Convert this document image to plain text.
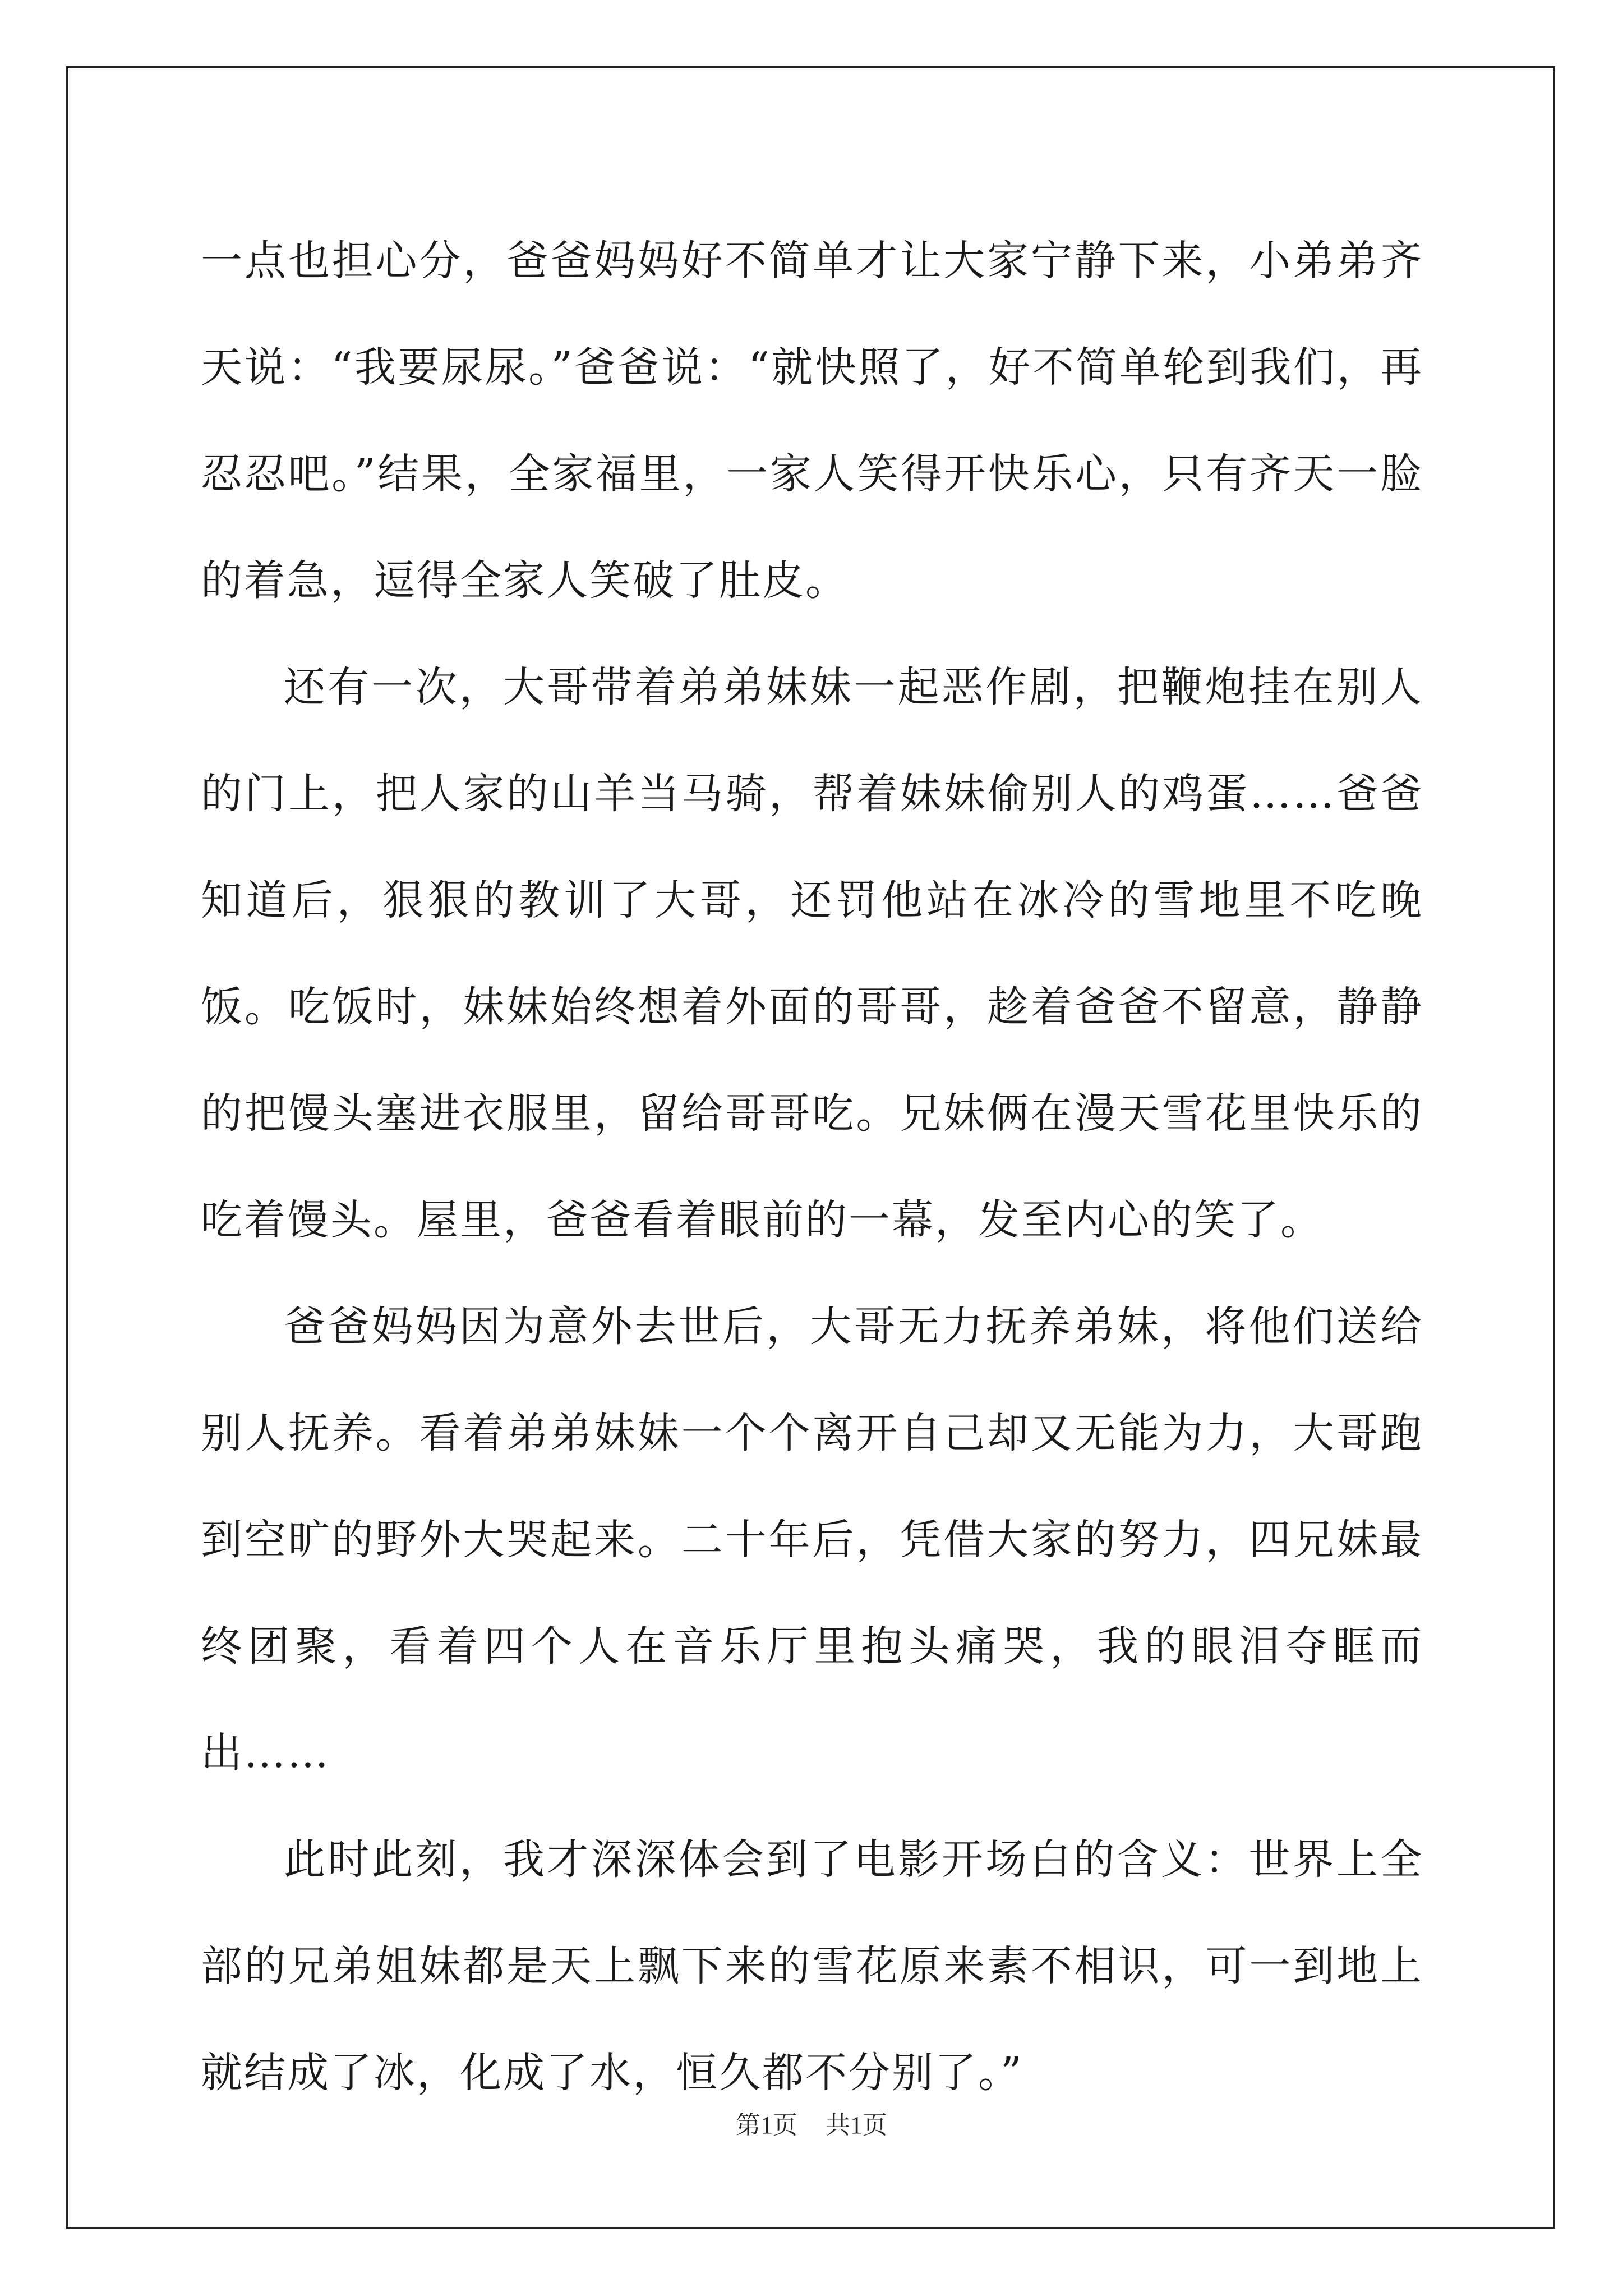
一点也担心分，爸爸妈妈好不简单才让大家宁静下来，小弟弟齐天说：“我要尿尿。”爸爸说：“就快照了，好不简单轮到我们，再忍忍吧。”结果，全家福里，一家人笑得开快乐心，只有齐天一脸的着急，逗得全家人笑破了肚皮。

还有一次，大哥带着弟弟妹妹一起恶作剧，把鞭炮挂在别人的门上，把人家的山羊当马骑，帮着妹妹偷别人的鸡蛋……爸爸知道后，狠狠的教训了大哥，还罚他站在冰冷的雪地里不吃晚饭。吃饭时，妹妹始终想着外面的哥哥，趁着爸爸不留意，静静的把馒头塞进衣服里，留给哥哥吃。兄妹俩在漫天雪花里快乐的吃着馒头。屋里，爸爸看着眼前的一幕，发至内心的笑了。

爸爸妈妈因为意外去世后，大哥无力抚养弟妹，将他们送给别人抚养。看着弟弟妹妹一个个离开自己却又无能为力，大哥跑到空旷的野外大哭起来。二十年后，凭借大家的努力，四兄妹最终团聚，看着四个人在音乐厅里抱头痛哭，我的眼泪夺眶而出……

此时此刻，我才深深体会到了电影开场白的含义：世界上全部的兄弟姐妹都是天上飘下来的雪花原来素不相识，可一到地上就结成了冰，化成了水，恒久都不分别了。”

第1页 共1页
